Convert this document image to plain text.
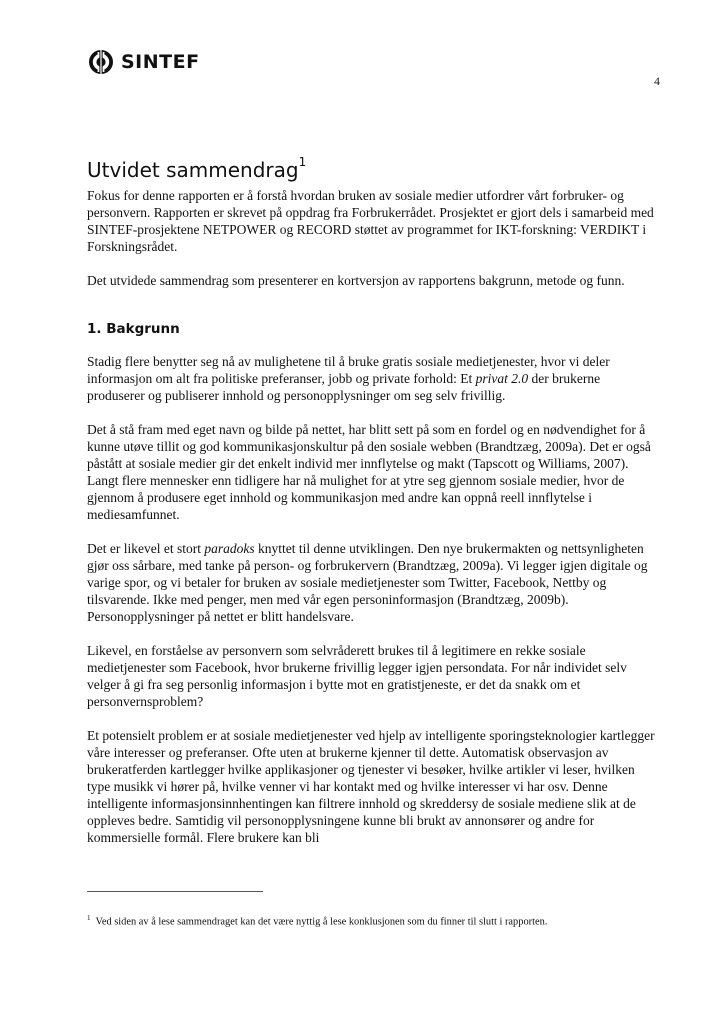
SINTEF
4
Utvidet sammendrag$^1$

Fokus for denne rapporten er å forstå hvordan bruken av sosiale medier utfordrer vårt forbruker- og personvern. Rapporten er skrevet på oppdrag fra Forbrukerrådet. Prosjektet er gjort dels i samarbeid med SINTEF-prosjektene NETPOWER og RECORD støttet av programmet for IKT-forskning: VERDIKT i Forskningsrådet.

Det utvidede sammendrag som presenterer en kortversjon av rapportens bakgrunn, metode og funn.

1. Bakgrunn

Stadig flere benytter seg nå av mulighetene til å bruke gratis sosiale medietjenester, hvor vi deler informasjon om alt fra politiske preferanser, jobb og private forhold: Et privat 2.0 der brukerne produserer og publiserer innhold og personopplysninger om seg selv frivillig.

Det å stå fram med eget navn og bilde på nettet, har blitt sett på som en fordel og en nødvendighet for å kunne utøve tillit og god kommunikasjonskultur på den sosiale webben (Brandtzæg, 2009a). Det er også påstått at sosiale medier gir det enkelt individ mer innflytelse og makt (Tapscott og Williams, 2007). Langt flere mennesker enn tidligere har nå mulighet for at ytre seg gjennom sosiale medier, hvor de gjennom å produsere eget innhold og kommunikasjon med andre kan oppnå reell innflytelse i mediesamfunnet.

Det er likevel et stort paradoks knyttet til denne utviklingen. Den nye brukermakten og nettsynligheten gjør oss sårbare, med tanke på person- og forbrukervern (Brandtzæg, 2009a). Vi legger igjen digitale og varige spor, og vi betaler for bruken av sosiale medietjenester som Twitter, Facebook, Nettby og tilsvarende. Ikke med penger, men med vår egen personinformasjon (Brandtzæg, 2009b). Personopplysninger på nettet er blitt handelsvare.

Likevel, en forståelse av personvern som selvråderett brukes til å legitimere en rekke sosiale medietjenester som Facebook, hvor brukerne frivillig legger igjen persondata. For når individet selv velger å gi fra seg personlig informasjon i bytte mot en gratistjeneste, er det da snakk om et personvernsproblem?

Et potensielt problem er at sosiale medietjenester ved hjelp av intelligente sporingsteknologier kartlegger våre interesser og preferanser. Ofte uten at brukerne kjenner til dette. Automatisk observasjon av brukeratferden kartlegger hvilke applikasjoner og tjenester vi besøker, hvilke artikler vi leser, hvilken type musikk vi hører på, hvilke venner vi har kontakt med og hvilke interesser vi har osv. Denne intelligente informasjonsinnhentingen kan filtrere innhold og skreddersy de sosiale mediene slik at de oppleves bedre. Samtidig vil personopplysningene kunne bli brukt av annonsører og andre for kommersielle formål. Flere brukere kan bli

$^1$ Ved siden av å lese sammendraget kan det være nyttig å lese konklusjonen som du finner til slutt i rapporten.
